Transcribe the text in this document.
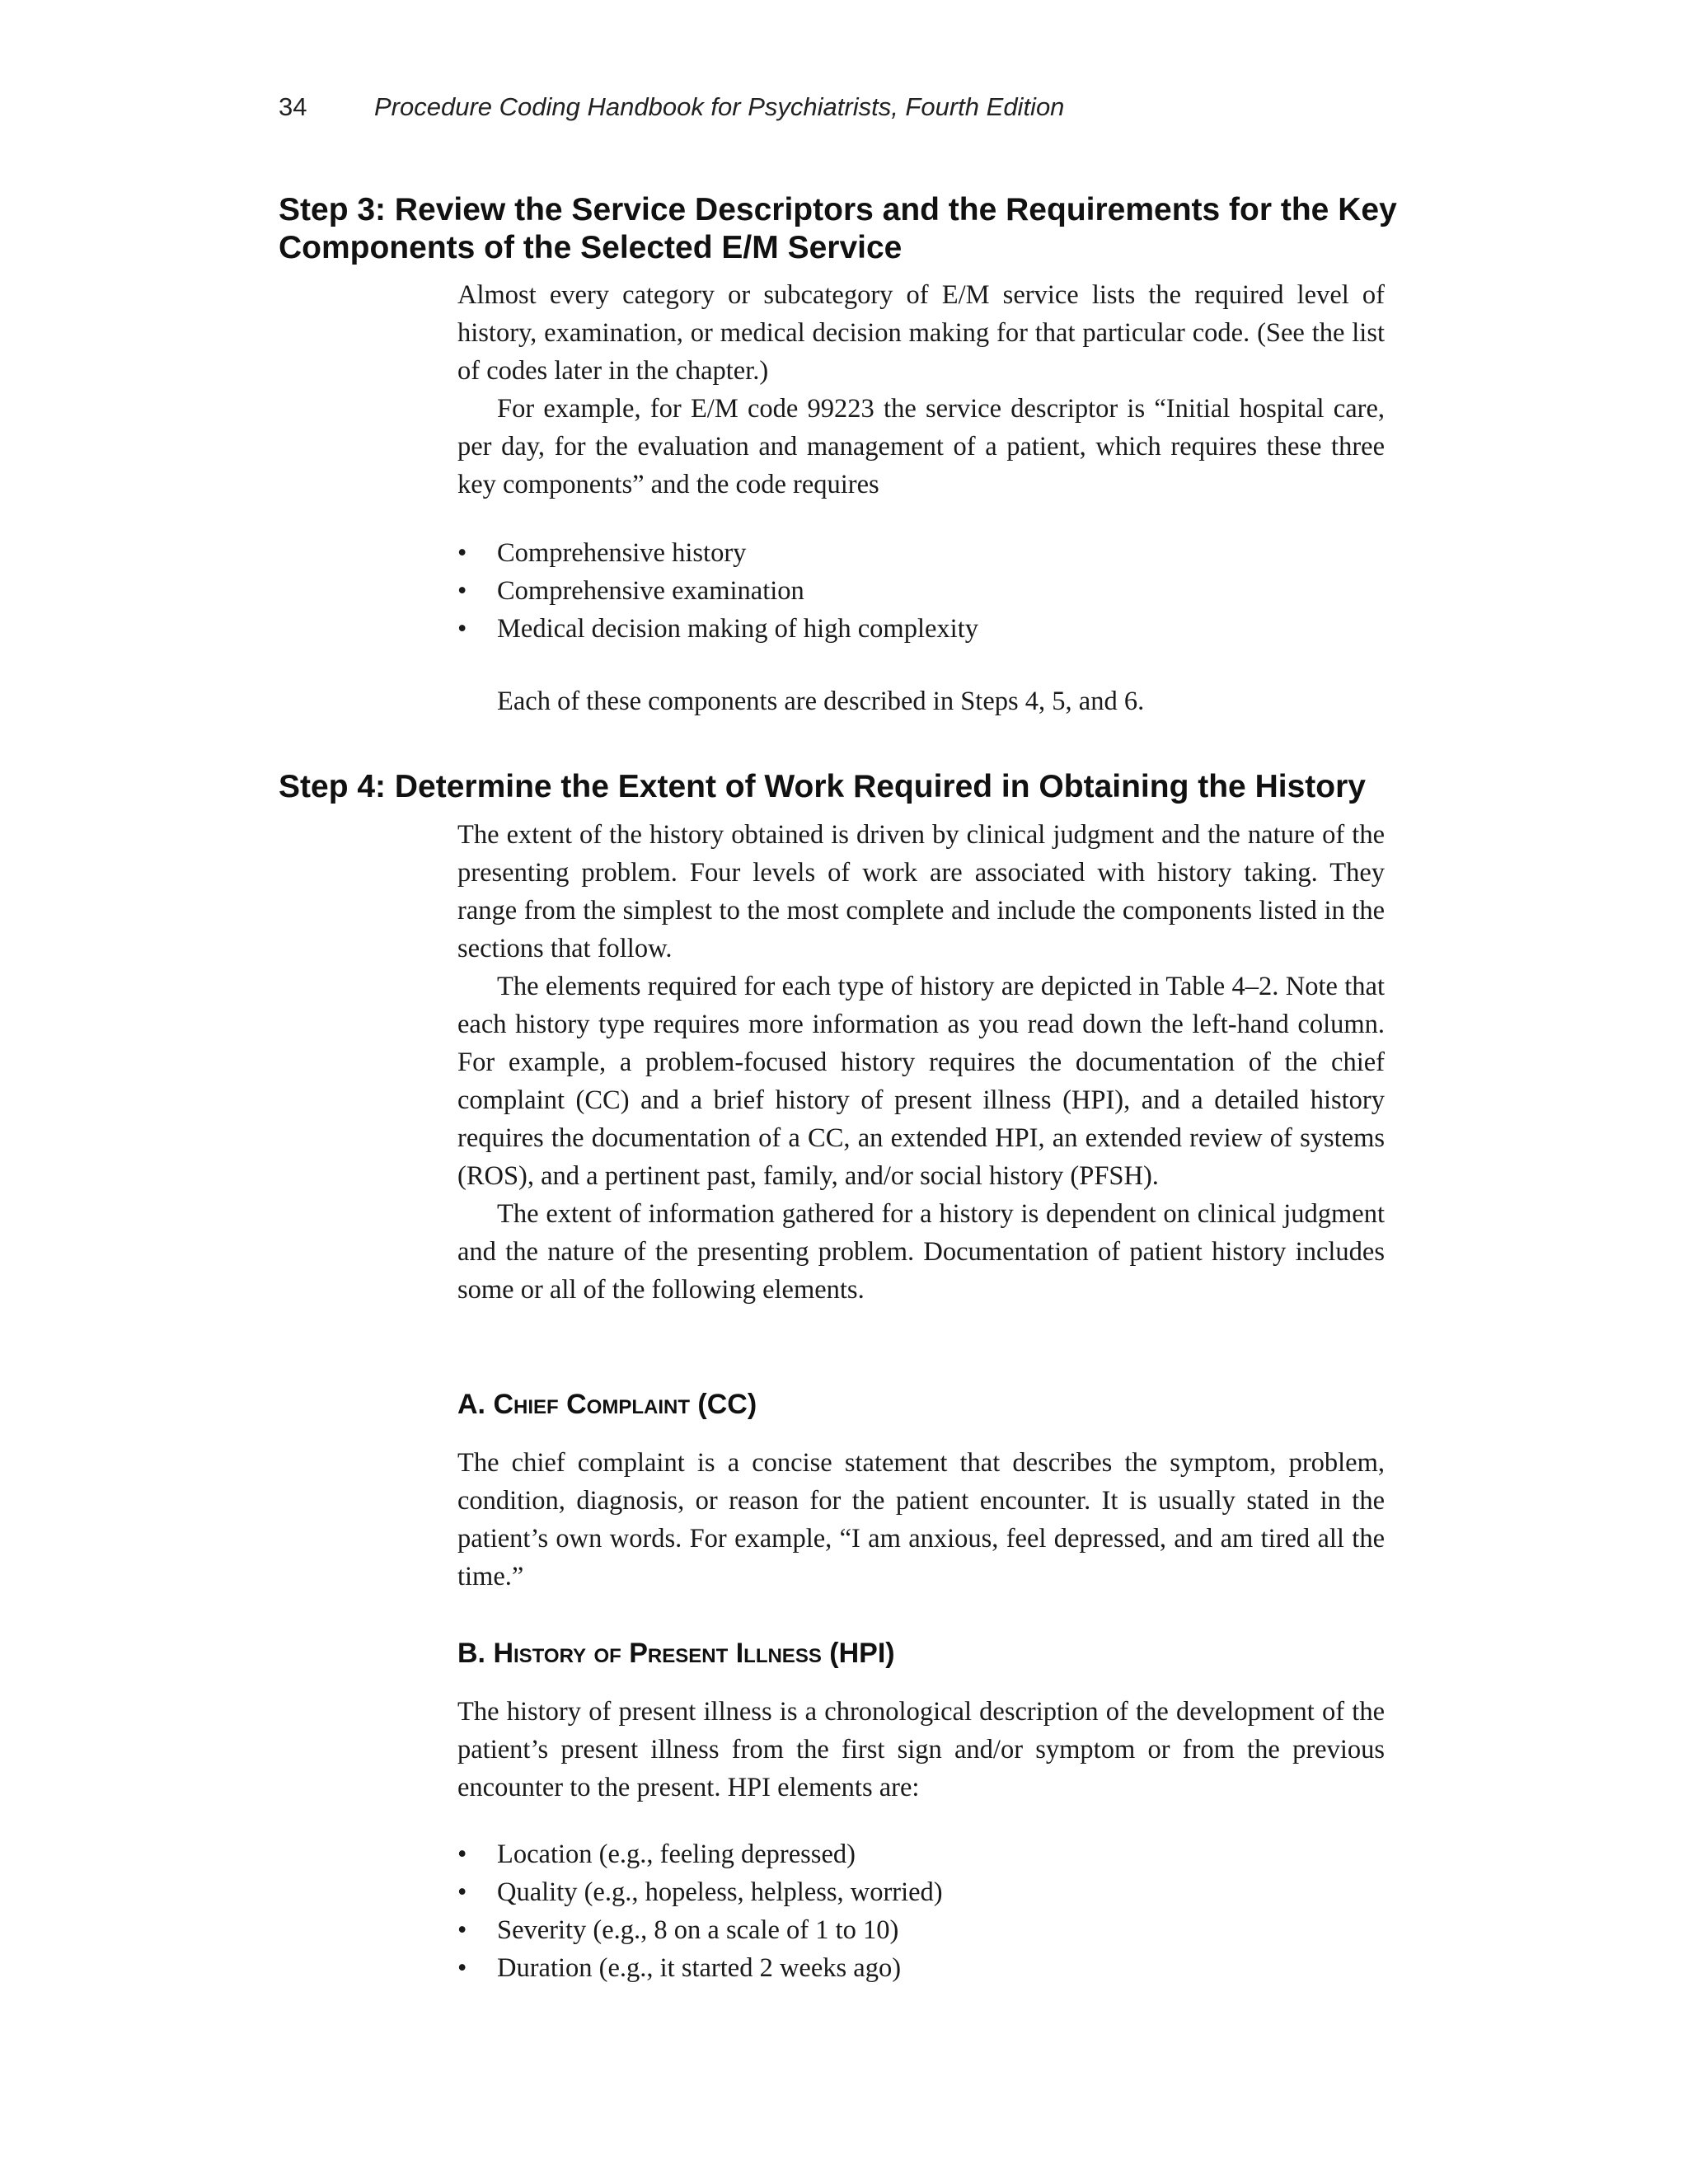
34	Procedure Coding Handbook for Psychiatrists, Fourth Edition
Step 3: Review the Service Descriptors and the Requirements for the Key
Components of the Selected E/M Service

Almost every category or subcategory of E/M service lists the required level of history, examination, or medical decision making for that particular code. (See the list of codes later in the chapter.)

For example, for E/M code 99223 the service descriptor is “Initial hospital care, per day, for the evaluation and management of a patient, which requires these three key components” and the code requires

• Comprehensive history
• Comprehensive examination
• Medical decision making of high complexity

Each of these components are described in Steps 4, 5, and 6.

Step 4: Determine the Extent of Work Required in Obtaining the History

The extent of the history obtained is driven by clinical judgment and the nature of the presenting problem. Four levels of work are associated with history taking. They range from the simplest to the most complete and include the components listed in the sections that follow.

The elements required for each type of history are depicted in Table 4–2. Note that each history type requires more information as you read down the left-hand column. For example, a problem-focused history requires the documentation of the chief complaint (CC) and a brief history of present illness (HPI), and a detailed history requires the documentation of a CC, an extended HPI, an extended review of systems (ROS), and a pertinent past, family, and/or social history (PFSH).

The extent of information gathered for a history is dependent on clinical judgment and the nature of the presenting problem. Documentation of patient history includes some or all of the following elements.

A. Chief Complaint (CC)

The chief complaint is a concise statement that describes the symptom, problem, condition, diagnosis, or reason for the patient encounter. It is usually stated in the patient’s own words. For example, “I am anxious, feel depressed, and am tired all the time.”

B. History of Present Illness (HPI)

The history of present illness is a chronological description of the development of the patient’s present illness from the first sign and/or symptom or from the previous encounter to the present. HPI elements are:

• Location (e.g., feeling depressed)
• Quality (e.g., hopeless, helpless, worried)
• Severity (e.g., 8 on a scale of 1 to 10)
• Duration (e.g., it started 2 weeks ago)
